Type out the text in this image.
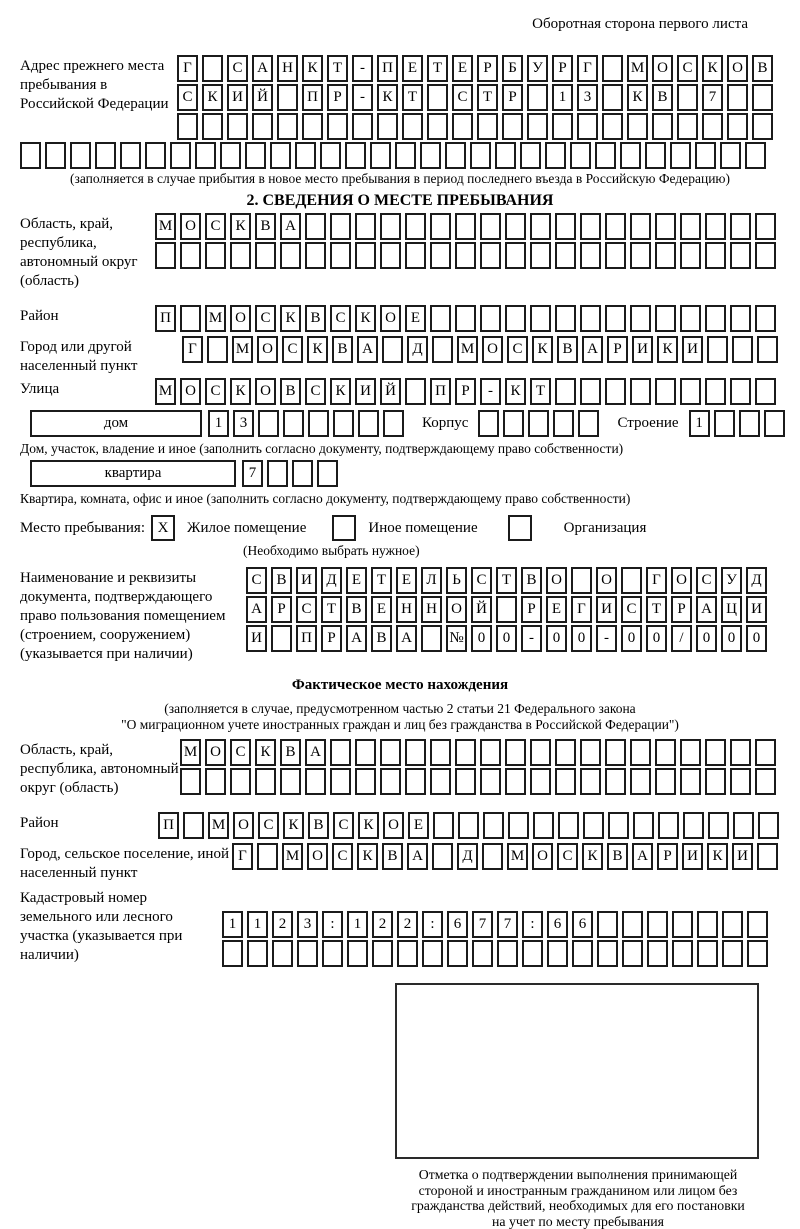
Оборотная сторона первого листа
Адрес прежнего места пребывания в Российской Федерации
Г	С А Н К	Т	-	П Е	Т	Е	Р	Б	У	Р	Г	М О С К О В
С К И Й	П	Р	-	К	Т	С	Т	Р	1	3	К В	7
(заполняется в случае прибытия в новое место пребывания в период последнего въезда в Российскую Федерацию)
2. СВЕДЕНИЯ О МЕСТЕ ПРЕБЫВАНИЯ
Область, край, республика, автономный округ (область)
М О С К В А
Район	П	М О С К В С К О Е
Город или другой населенный пункт
Г	М О С К В А	Д	М О С К В А	Р	И К И
Улица	М О С К О В С К И Й	П	Р	-	К	Т
дом	1	3	Корпус	Строение	1
Дом, участок, владение и иное (заполнить согласно документу, подтверждающему право собственности)
квартира	7
Квартира, комната, офис и иное (заполнить согласно документу, подтверждающему право собственности)
Место пребывания: X	Жилое помещение	Иное помещение	Организация
(Необходимо выбрать нужное)
Наименование и реквизиты документа, подтверждающего право пользования помещением (строением, сооружением) (указывается при наличии)
С В И Д	Е	Т	Е	Л	Ь	С	Т	В О	О	Г	О С У Д
А	Р	С	Т	В	Е	Н Н О Й	Р	Е	Г	И С	Т	Р	А Ц И
И	П	Р	А В А	№ 0	0	-	0	0	-	0	0	/	0	0	0
Фактическое место нахождения
(заполняется в случае, предусмотренном частью 2 статьи 21 Федерального закона
"О миграционном учете иностранных граждан и лиц без гражданства в Российской Федерации")
Область, край, республика, автономный округ (область)
М О С К В А
Район	П	М О С К В С К О Е
Город, сельское поселение, иной населенный пункт
Г	М О С К В А	Д	М О С К В А	Р	И К И
Кадастровый номер земельного или лесного участка (указывается при наличии)
1	1	2	3	:	1	2	2	:	6	7	7	:	6	6
Отметка о подтверждении выполнения принимающей
стороной и иностранным гражданином или лицом без
гражданства действий, необходимых для его постановки
на учет по месту пребывания
